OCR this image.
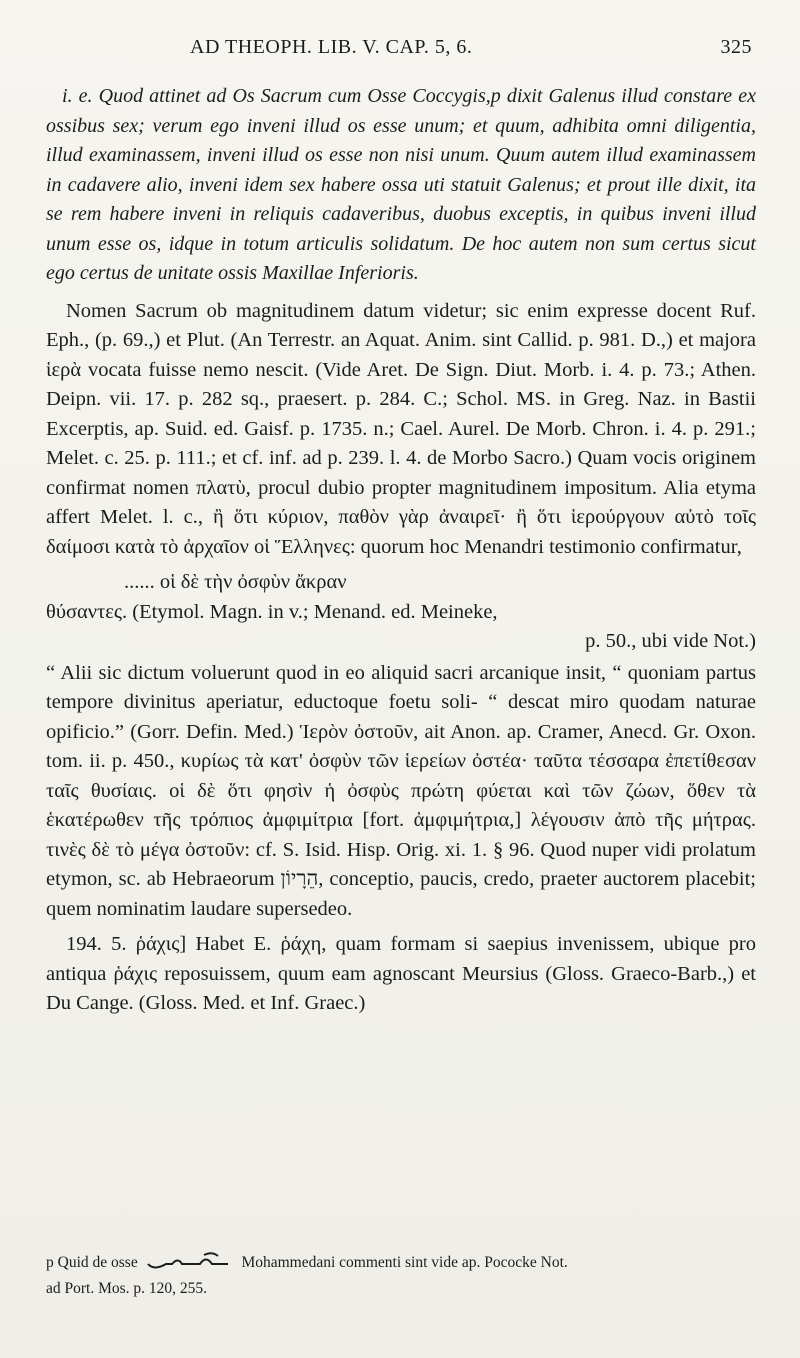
AD THEOPH. LIB. V. CAP. 5, 6.	325

i. e. Quod attinet ad Os Sacrum cum Osse Coccygis,p dixit Galenus illud constare ex ossibus sex; verum ego inveni illud os esse unum; et quum, adhibita omni diligentia, illud examinassem, inveni illud os esse non nisi unum. Quum autem illud examinassem in cadavere alio, inveni idem sex habere ossa uti statuit Galenus; et prout ille dixit, ita se rem habere inveni in reliquis cadaveribus, duobus exceptis, in quibus inveni illud unum esse os, idque in totum articulis solidatum. De hoc autem non sum certus sicut ego certus de unitate ossis Maxillae Inferioris.

Nomen Sacrum ob magnitudinem datum videtur; sic enim expresse docent Ruf. Eph., (p. 69.,) et Plut. (An Terrestr. an Aquat. Anim. sint Callid. p. 981. D.,) et majora ἱερὰ vocata fuisse nemo nescit. (Vide Aret. De Sign. Diut. Morb. i. 4. p. 73.; Athen. Deipn. vii. 17. p. 282 sq., praesert. p. 284. C.; Schol. MS. in Greg. Naz. in Bastii Excerptis, ap. Suid. ed. Gaisf. p. 1735. n.; Cael. Aurel. De Morb. Chron. i. 4. p. 291.; Melet. c. 25. p. 111.; et cf. inf. ad p. 239. l. 4. de Morbo Sacro.) Quam vocis originem confirmat nomen πλατὺ, procul dubio propter magnitudinem impositum. Alia etyma affert Melet. l. c., ἢ ὅτι κύριον, παθὸν γὰρ ἀναιρεῖ· ἢ ὅτι ἱερούργουν αὐτὸ τοῖς δαίμοσι κατὰ τὸ ἀρχαῖον οἱ Ἕλληνες: quorum hoc Menandri testimonio confirmatur,

...... οἱ δὲ τὴν ὀσφὺν ἄκραν

θύσαντες. (Etymol. Magn. in v.; Menand. ed. Meineke,

p. 50., ubi vide Not.)

“ Alii sic dictum voluerunt quod in eo aliquid sacri arcanique insit, “ quoniam partus tempore divinitus aperiatur, eductoque foetu soli- “ descat miro quodam naturae opificio.” (Gorr. Defin. Med.) Ἱερὸν ὀστοῦν, ait Anon. ap. Cramer, Anecd. Gr. Oxon. tom. ii. p. 450., κυρίως τὰ κατ' ὀσφὺν τῶν ἱερείων ὀστέα· ταῦτα τέσσαρα ἐπετίθεσαν ταῖς θυσίαις. οἱ δὲ ὅτι φησὶν ἡ ὀσφὺς πρώτη φύεται καὶ τῶν ζώων, ὅθεν τὰ ἑκατέρωθεν τῆς τρόπιος ἀμφιμίτρια [fort. ἀμφιμήτρια,] λέγουσιν ἀπὸ τῆς μήτρας. τινὲς δὲ τὸ μέγα ὀστοῦν: cf. S. Isid. Hisp. Orig. xi. 1. § 96. Quod nuper vidi prolatum etymon, sc. ab Hebraeorum הֵרָיוֹן, conceptio, paucis, credo, praeter auctorem placebit; quem nominatim laudare supersedeo.

194. 5. ῥάχις] Habet E. ῥάχη, quam formam si saepius invenissem, ubique pro antiqua ῥάχις reposuissem, quum eam agnoscant Meursius (Gloss. Graeco-Barb.,) et Du Cange. (Gloss. Med. et Inf. Graec.)

p Quid de osse	Mohammedani commenti sint vide ap. Pococke Not.

ad Port. Mos. p. 120, 255.
